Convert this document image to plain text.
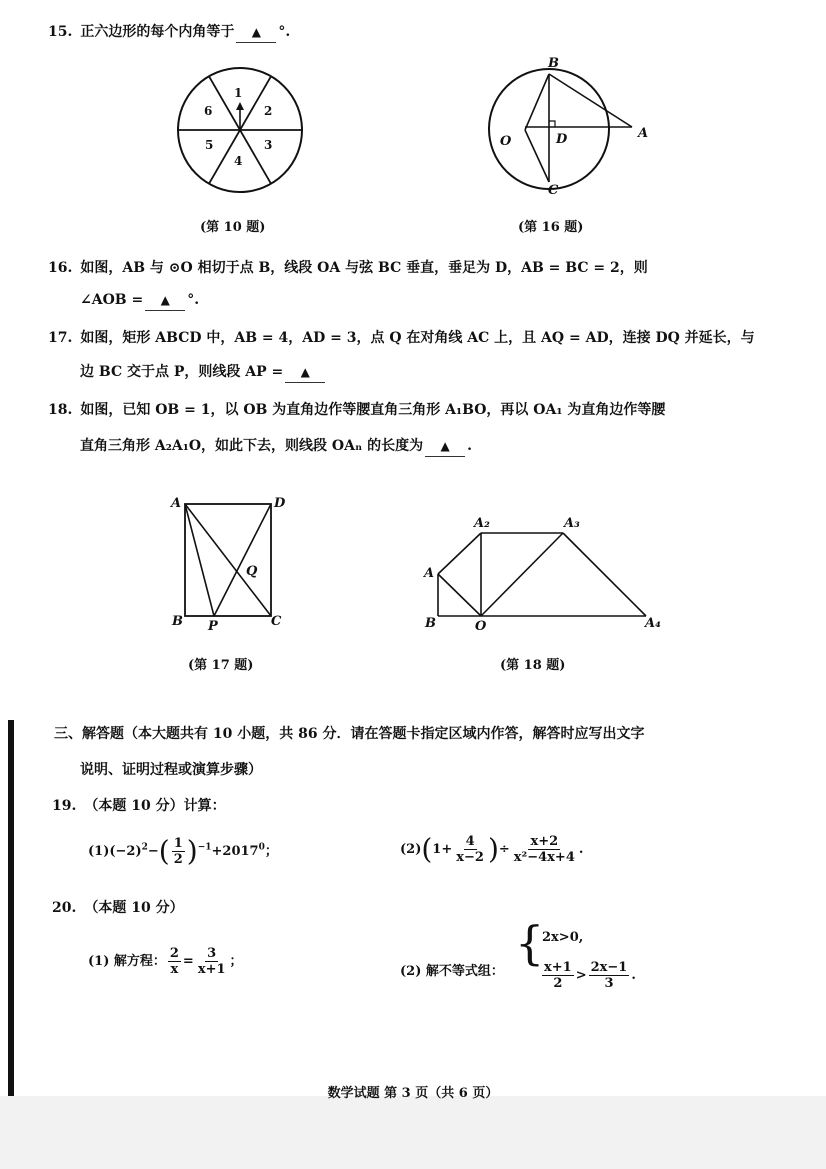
15. 正六边形的每个内角等于 ▲ °.
1
2
3
4
5
6
(第 10 题)
B
O	D	A
C
(第 16 题)
16. 如图，AB 与 ⊙O 相切于点 B，线段 OA 与弦 BC 垂直，垂足为 D，AB = BC = 2，则
∠AOB = ▲ °.
17. 如图，矩形 ABCD 中，AB = 4，AD = 3，点 Q 在对角线 AC 上，且 AQ = AD，连接 DQ 并延长，与
边 BC 交于点 P，则线段 AP = ▲
18. 如图，已知 OB = 1，以 OB 为直角边作等腰直角三角形 A₁BO，再以 OA₁ 为直角边作等腰
直角三角形 A₂A₁O，如此下去，则线段 OAₙ 的长度为 ▲ .
A	D
Q
B P	C
(第 17 题)
A₂	A₃
A
B	O	A₄
(第 18 题)
三、解答题（本大题共有 10 小题，共 86 分．请在答题卡指定区域内作答，解答时应写出文字
说明、证明过程或演算步骤）
19. （本题 10 分）计算：
$(1)(-2)^2-( \frac{1}{2} )^{-1}+2017^0$；	$(2)(1+ \frac{4}{x-2}$ )÷ $\frac{x+2}{\text{x²−4x+4}}$ .
20. （本题 10 分）
(1) 解方程： $\frac{2}{x} = \frac{3}{x+1}$ ；
(2) 解不等式组：
{
2x>0,
$\frac{x+1}{2} > \frac{2x-1}{3}$ .
数学试题 第 3 页（共 6 页）
